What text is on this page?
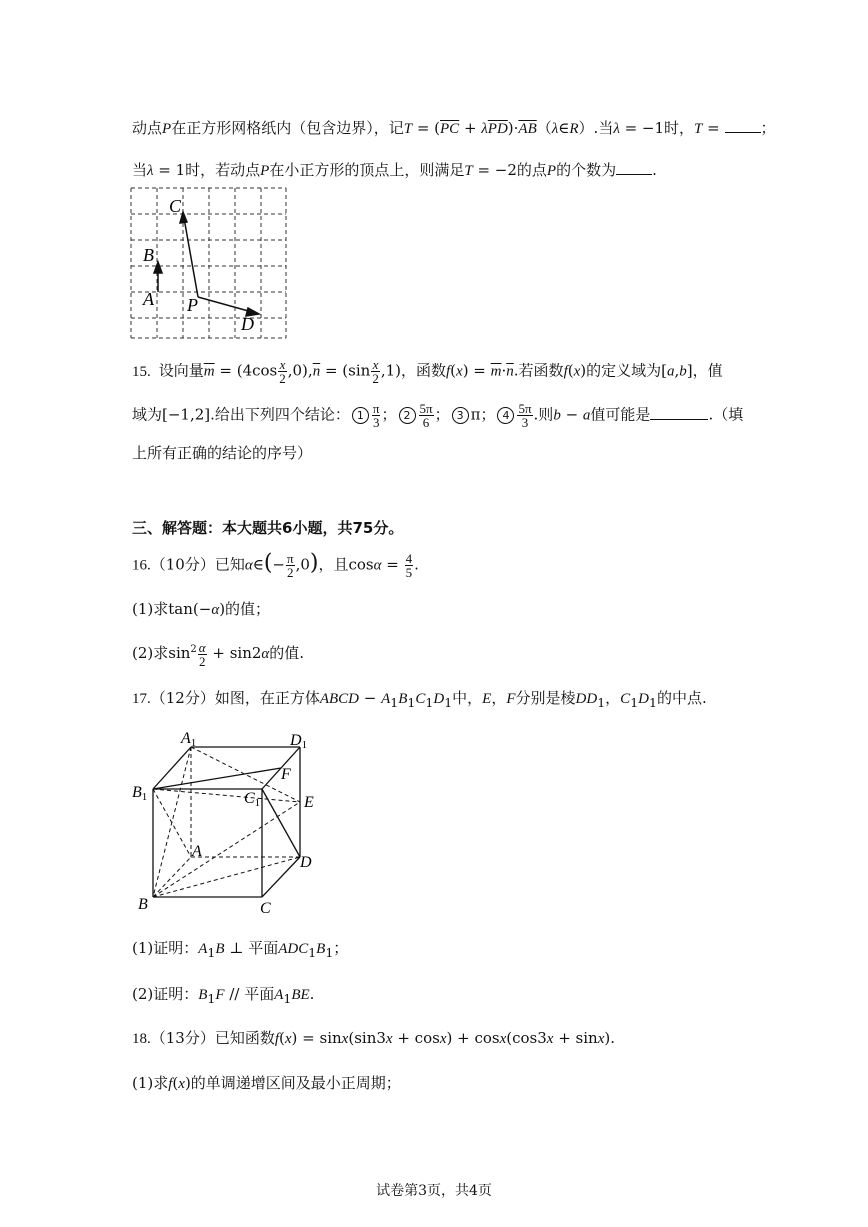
动点P在正方形网格纸内（包含边界），记$T = (\overline{PC}$ + $\lambda\overline{PD})\cdot\overline{AB}(\lambda\in R)$.当λ = −1时，T = ；
当λ = 1时，若动点P在小正方形的顶点上，则满足T = −2的点P的个数为 .
C
B
A P
D
15. 设向量$\overline{m} = (4\cos \frac{x}{2} ,0),\overline{n} = (\sin \frac{x}{2} ,1)$，函数$f(x) = \overline{m}\cdot\overline{n}$.若函数f(x)的定义域为[a,b]，值
域为[−1,2].给出下列四个结论： $1 \frac{\pi}{3}$ ； $2 \frac{5\pi}{6}$ ； 3 π； $4 \frac{5\pi}{3}$ .则b − a值可能是	.（填
上所有正确的结论的序号）
三、解答题：本大题共6小题，共75分。
16.（10分）已知α∈(− $\frac{\pi}{2} ,0$)，且$\cos\alpha = \frac{4}{5}$ .
(1)求tan(−α)的值；
(2)求$\sin^2 \frac{\alpha}{2} + \sin 2\alpha$的值.
17.（12分）如图，在正方体ABCD − $A_1B_1C_1D_1$中，E，F分别是棱$DD_1$，$C_1D_1$的中点.
A1	D1
F
B1	C1	E
A
D
B	C
(1)证明：$A_1B$ ⊥ 平面$ADC_1B_1$；
(2)证明：$B_1F$ // 平面$A_1BE$.
18.（13分）已知函数f(x) = sinx(sin3x + cosx) + cosx(cos3x + sinx).
(1)求f(x)的单调递增区间及最小正周期；
试卷第3页，共4页
